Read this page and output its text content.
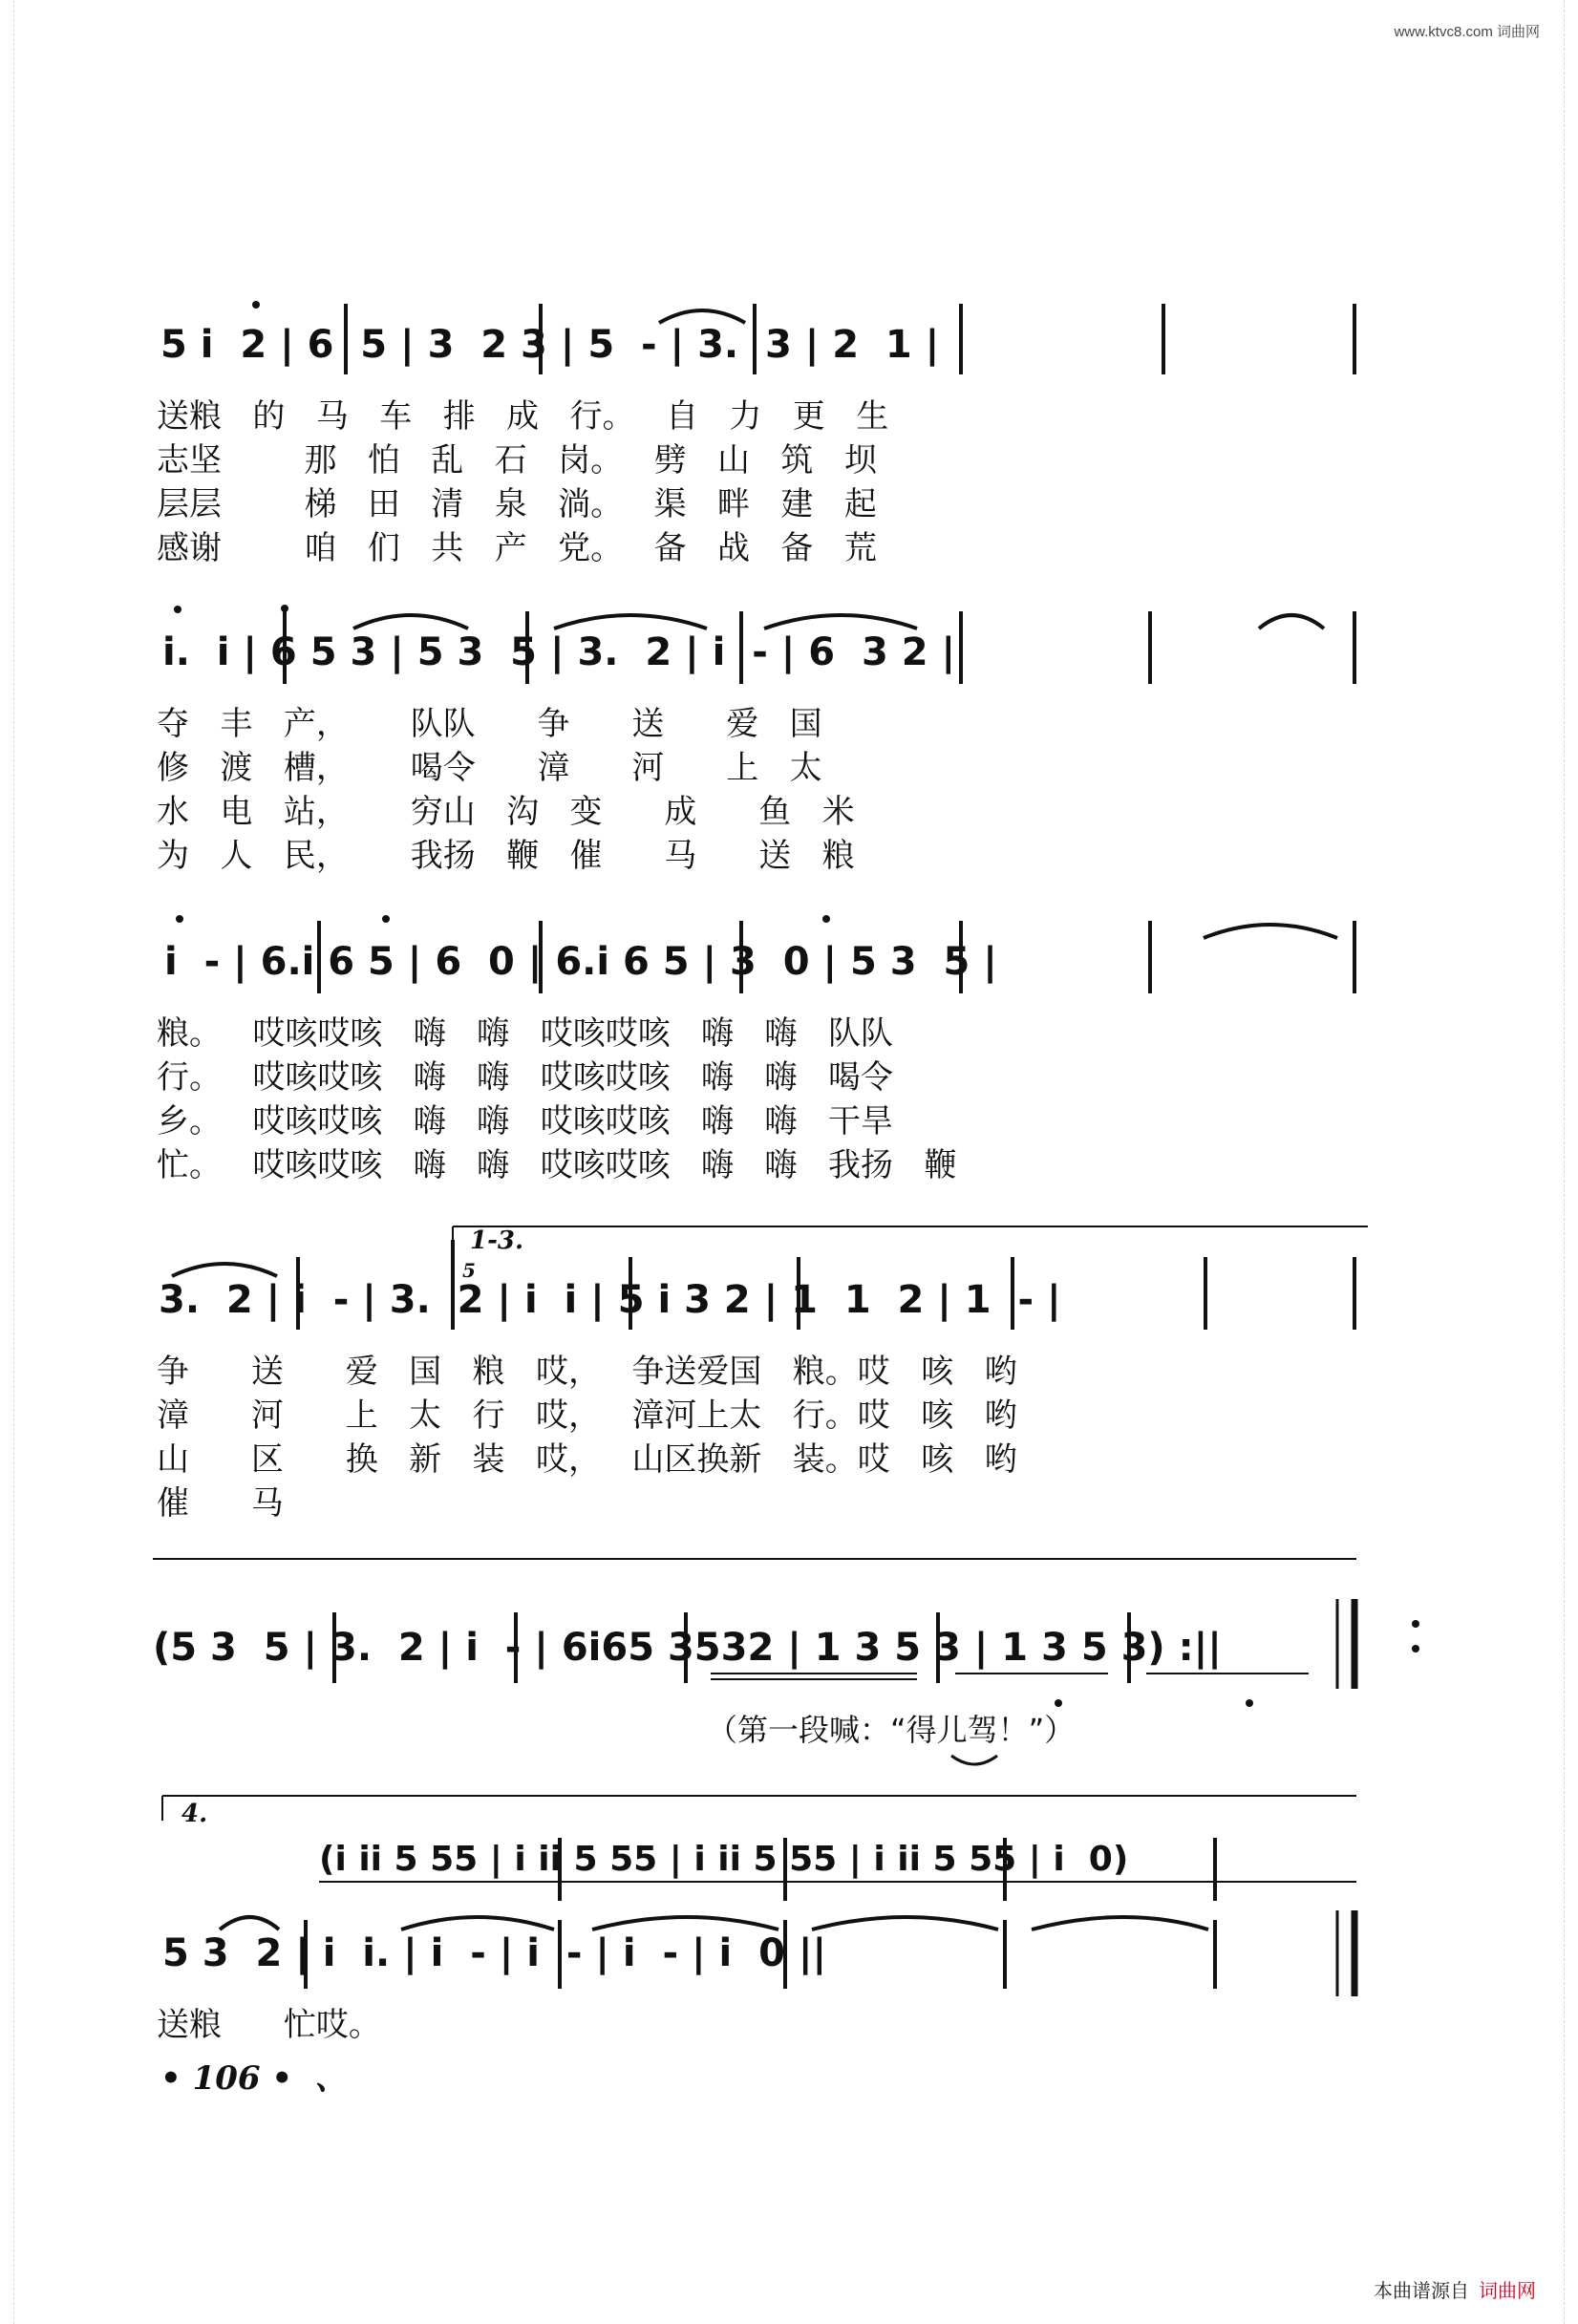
www.ktvc8.com 词曲网
5 i  2 | 6  5 | 3  2 3 | 5  - | 3.  3 | 2  1 |
送粮   的   马   车   排   成   行。   自   力   更   生
志坚        那   怕   乱   石   岗。   劈   山   筑   坝
层层        梯   田   清   泉   淌。   渠   畔   建   起
感谢        咱   们   共   产   党。   备   战   备   荒
i.  i | 6 5 3 | 5 3  5 | 3.  2 | i  - | 6  3 2 |
夺   丰   产，      队队      争      送      爱   国
修   渡   槽，      喝令      漳      河      上   太
水   电   站，      穷山   沟   变      成      鱼   米
为   人   民，      我扬   鞭   催      马      送   粮
i  - | 6.i 6 5 | 6  0 | 6.i 6 5 | 3  0 | 5 3  5 |
粮。   哎咳哎咳   嗨   嗨   哎咳哎咳   嗨   嗨   队队
行。   哎咳哎咳   嗨   嗨   哎咳哎咳   嗨   嗨   喝令
乡。   哎咳哎咳   嗨   嗨   哎咳哎咳   嗨   嗨   干旱
忙。   哎咳哎咳   嗨   嗨   哎咳哎咳   嗨   嗨   我扬   鞭
1-3.
5
3.  2 | i  - | 3.  2 | i  i | 5 i 3 2 | 1  1  2 | 1  - |
争      送      爱   国   粮   哎，   争送爱国   粮。哎   咳   哟
漳      河      上   太   行   哎，   漳河上太   行。哎   咳   哟
山      区      换   新   装   哎，   山区换新   装。哎   咳   哟
催      马
(5 3  5 | 3.  2 | i  - | 6i65 3532 | 1 3 5 3 | 1 3 5 3) :||
（第一段喊：“得儿驾！”）
4.
(i ii 5 55 | i ii 5 55 | i ii 5 55 | i ii 5 55 | i  0)
5 3  2 | i  i. | i  - | i  - | i  - | i  0 ||
送粮      忙哎。
• 106 •  、
本曲谱源自 词曲网
